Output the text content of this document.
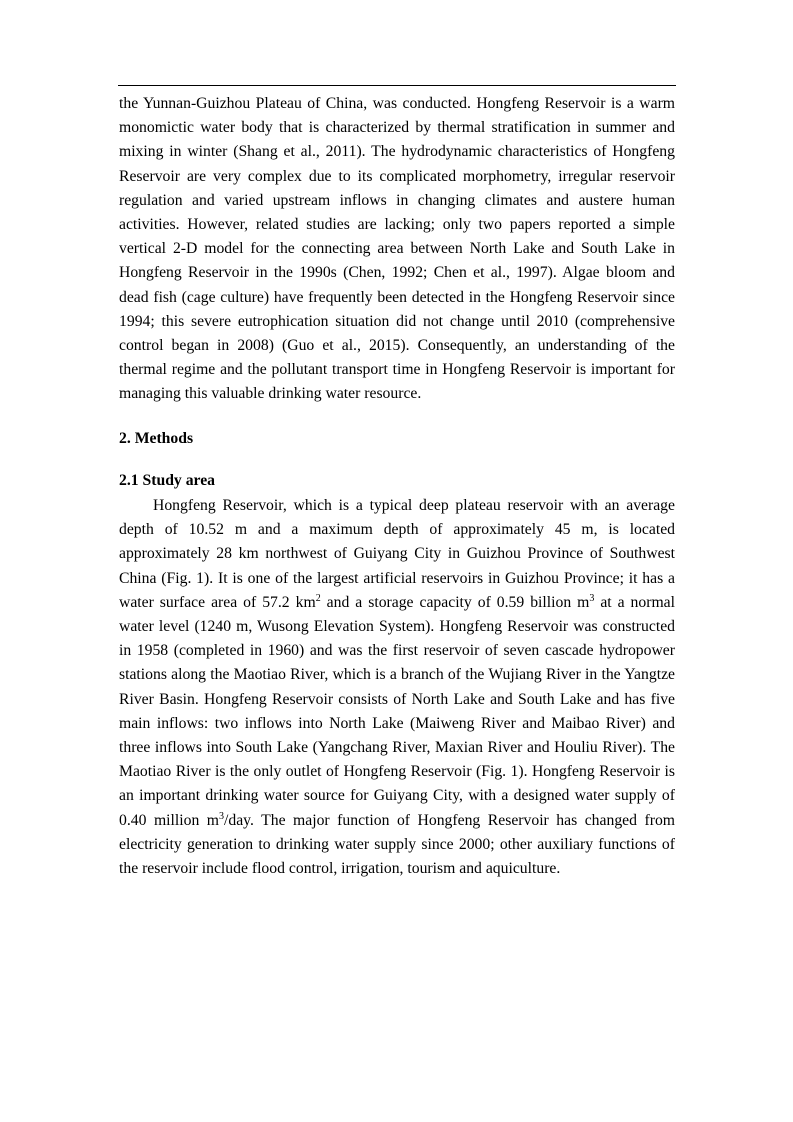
the Yunnan-Guizhou Plateau of China, was conducted. Hongfeng Reservoir is a warm monomictic water body that is characterized by thermal stratification in summer and mixing in winter (Shang et al., 2011). The hydrodynamic characteristics of Hongfeng Reservoir are very complex due to its complicated morphometry, irregular reservoir regulation and varied upstream inflows in changing climates and austere human activities. However, related studies are lacking; only two papers reported a simple vertical 2-D model for the connecting area between North Lake and South Lake in Hongfeng Reservoir in the 1990s (Chen, 1992; Chen et al., 1997). Algae bloom and dead fish (cage culture) have frequently been detected in the Hongfeng Reservoir since 1994; this severe eutrophication situation did not change until 2010 (comprehensive control began in 2008) (Guo et al., 2015). Consequently, an understanding of the thermal regime and the pollutant transport time in Hongfeng Reservoir is important for managing this valuable drinking water resource.

2. Methods
2.1 Study area

Hongfeng Reservoir, which is a typical deep plateau reservoir with an average depth of 10.52 m and a maximum depth of approximately 45 m, is located approximately 28 km northwest of Guiyang City in Guizhou Province of Southwest China (Fig. 1). It is one of the largest artificial reservoirs in Guizhou Province; it has a water surface area of 57.2 $km^2$ and a storage capacity of 0.59 billion $m^3$ at a normal water level (1240 m, Wusong Elevation System). Hongfeng Reservoir was constructed in 1958 (completed in 1960) and was the first reservoir of seven cascade hydropower stations along the Maotiao River, which is a branch of the Wujiang River in the Yangtze River Basin. Hongfeng Reservoir consists of North Lake and South Lake and has five main inflows: two inflows into North Lake (Maiweng River and Maibao River) and three inflows into South Lake (Yangchang River, Maxian River and Houliu River). The Maotiao River is the only outlet of Hongfeng Reservoir (Fig. 1). Hongfeng Reservoir is an important drinking water source for Guiyang City, with a designed water supply of 0.40 million $m^3$/day. The major function of Hongfeng Reservoir has changed from electricity generation to drinking water supply since 2000; other auxiliary functions of the reservoir include flood control, irrigation, tourism and aquiculture.
